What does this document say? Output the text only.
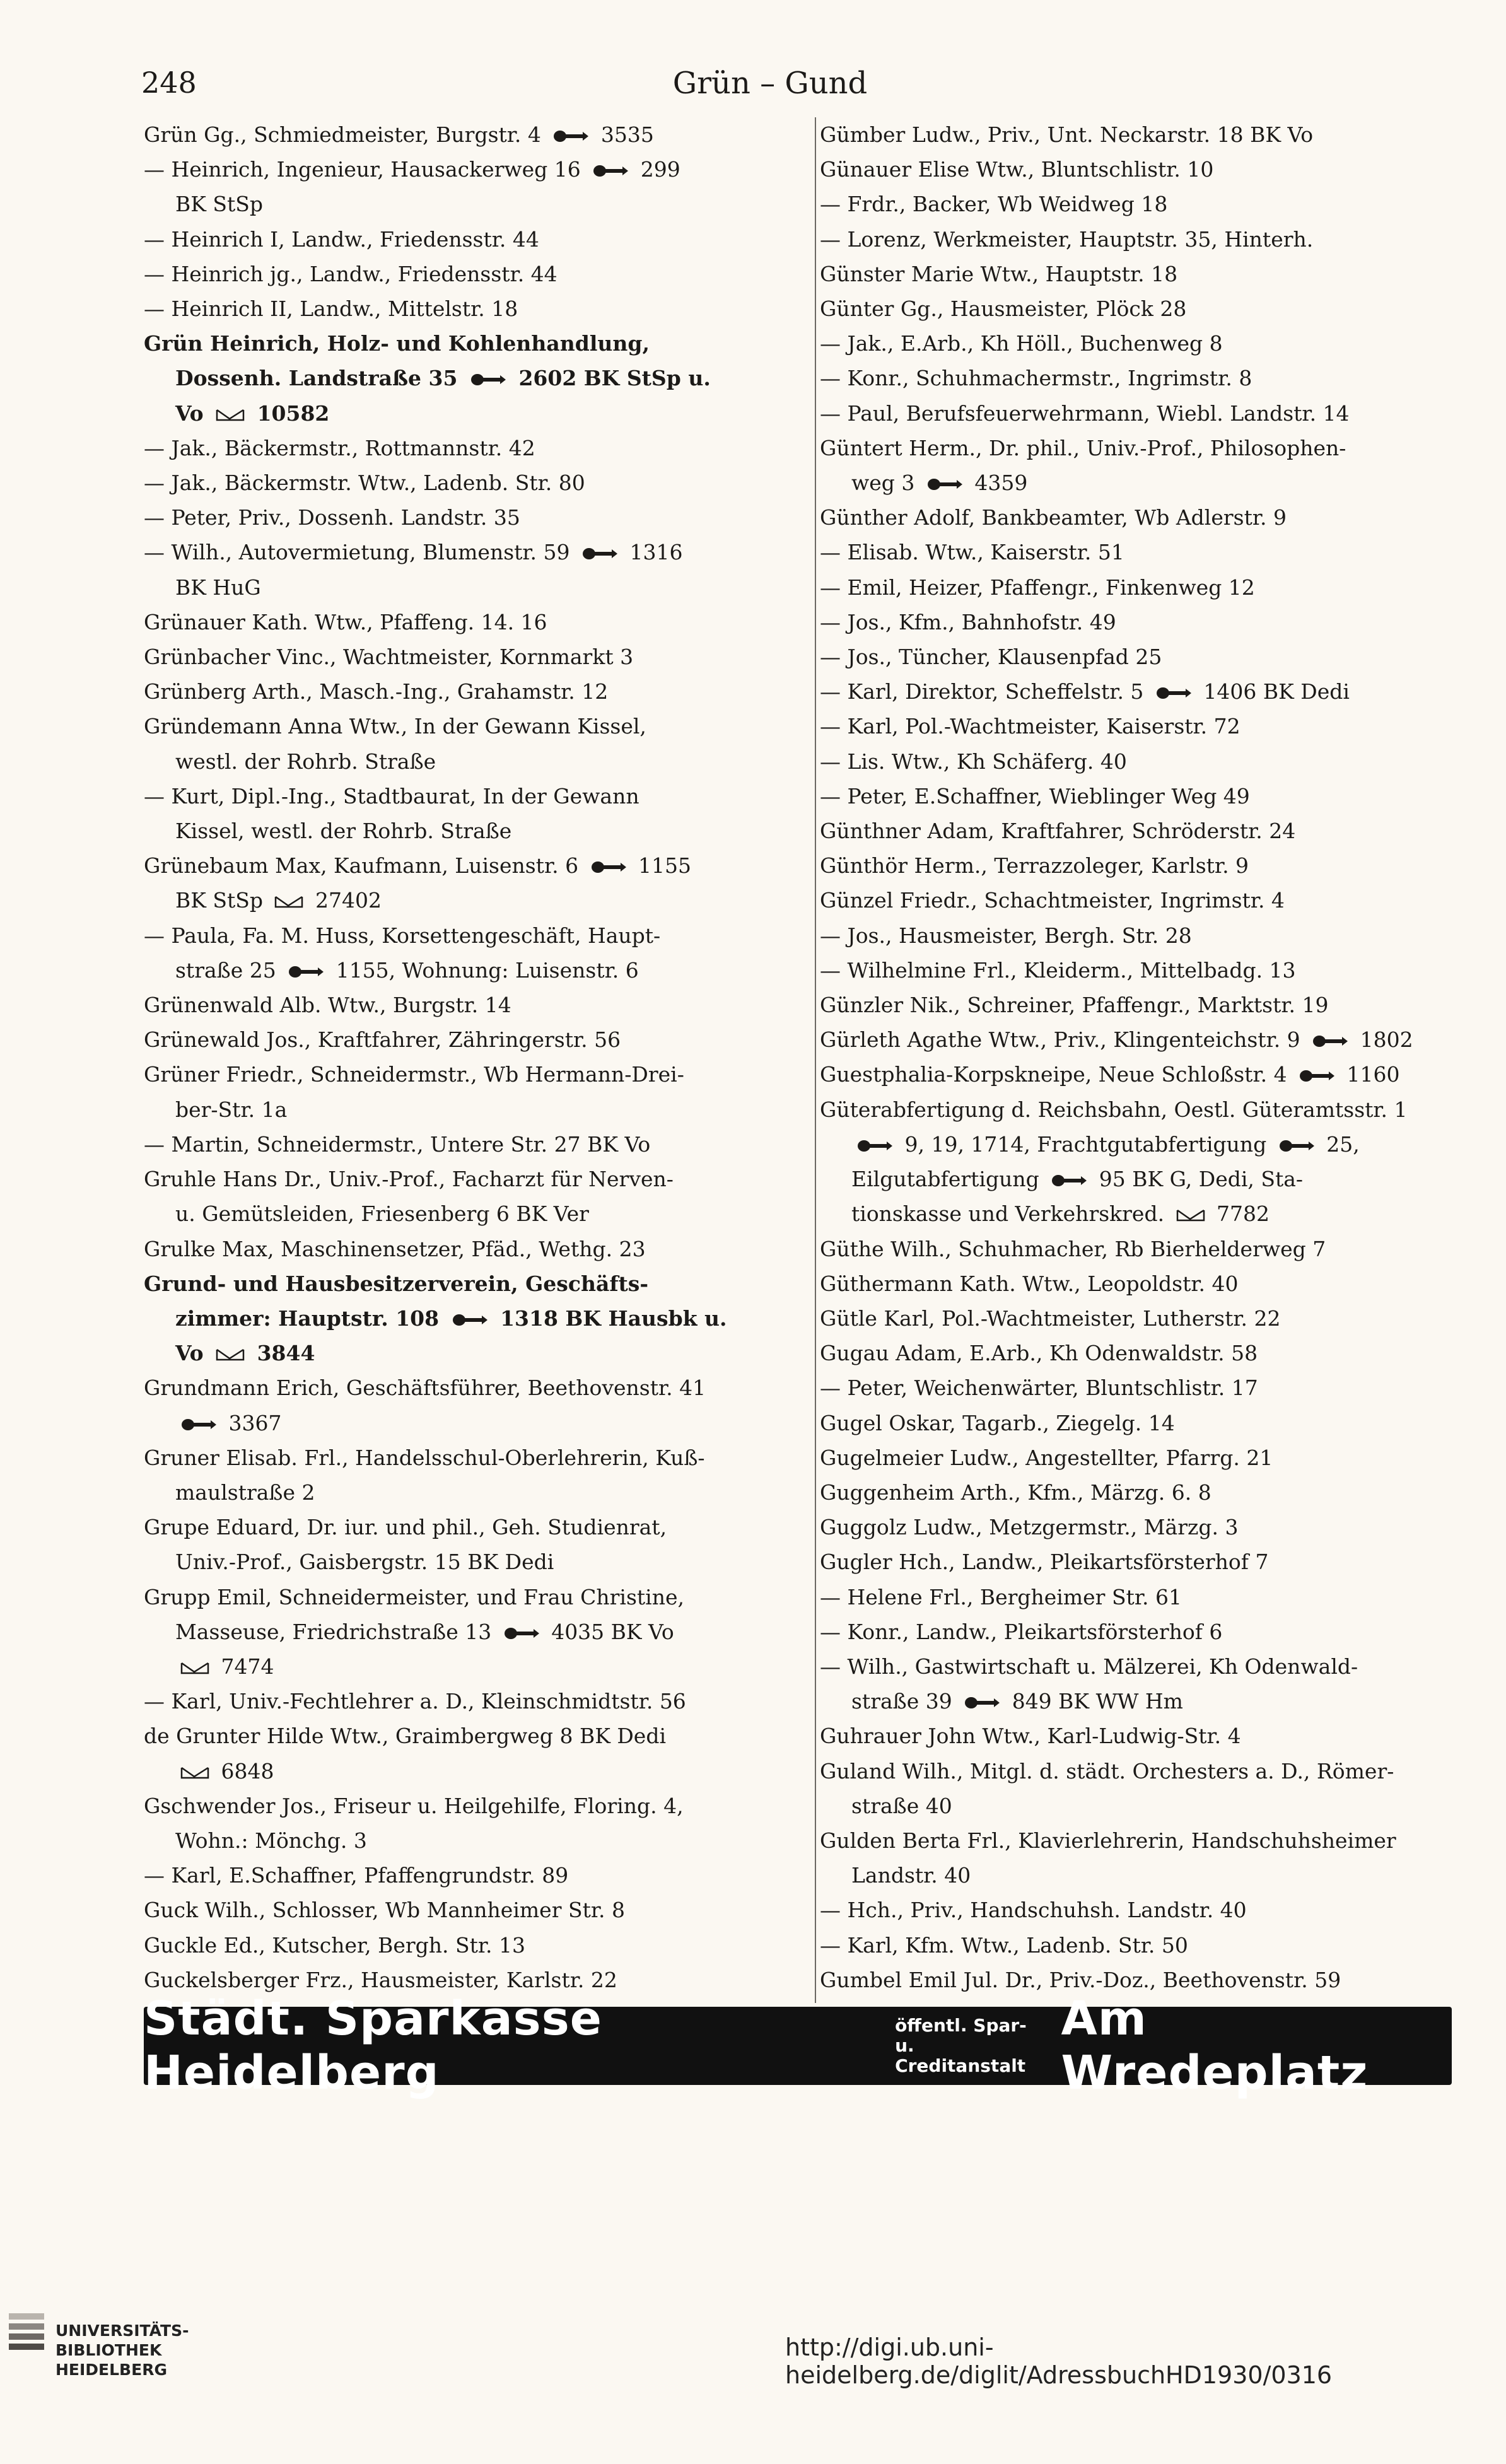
248	Grün – Gund
Grün Gg., Schmiedmeister, Burgstr. 4  3535
— Heinrich, Ingenieur, Hausackerweg 16  299
BK StSp
— Heinrich I, Landw., Friedensstr. 44
— Heinrich jg., Landw., Friedensstr. 44
— Heinrich II, Landw., Mittelstr. 18
Grün Heinrich, Holz- und Kohlenhandlung,
Dossenh. Landstraße 35  2602 BK StSp u.
Vo  10582
— Jak., Bäckermstr., Rottmannstr. 42
— Jak., Bäckermstr. Wtw., Ladenb. Str. 80
— Peter, Priv., Dossenh. Landstr. 35
— Wilh., Autovermietung, Blumenstr. 59  1316
BK HuG
Grünauer Kath. Wtw., Pfaffeng. 14. 16
Grünbacher Vinc., Wachtmeister, Kornmarkt 3
Grünberg Arth., Masch.-Ing., Grahamstr. 12
Gründemann Anna Wtw., In der Gewann Kissel,
westl. der Rohrb. Straße
— Kurt, Dipl.-Ing., Stadtbaurat, In der Gewann
Kissel, westl. der Rohrb. Straße
Grünebaum Max, Kaufmann, Luisenstr. 6  1155
BK StSp  27402
— Paula, Fa. M. Huss, Korsettengeschäft, Haupt-
straße 25  1155, Wohnung: Luisenstr. 6
Grünenwald Alb. Wtw., Burgstr. 14
Grünewald Jos., Kraftfahrer, Zähringerstr. 56
Grüner Friedr., Schneidermstr., Wb Hermann-Drei-
ber-Str. 1a
— Martin, Schneidermstr., Untere Str. 27 BK Vo
Gruhle Hans Dr., Univ.-Prof., Facharzt für Nerven-
u. Gemütsleiden, Friesenberg 6 BK Ver
Grulke Max, Maschinensetzer, Pfäd., Wethg. 23
Grund- und Hausbesitzerverein, Geschäfts-
zimmer: Hauptstr. 108  1318 BK Hausbk u.
Vo  3844
Grundmann Erich, Geschäftsführer, Beethovenstr. 41
3367
Gruner Elisab. Frl., Handelsschul-Oberlehrerin, Kuß-
maulstraße 2
Grupe Eduard, Dr. iur. und phil., Geh. Studienrat,
Univ.-Prof., Gaisbergstr. 15 BK Dedi
Grupp Emil, Schneidermeister, und Frau Christine,
Masseuse, Friedrichstraße 13  4035 BK Vo
7474
— Karl, Univ.-Fechtlehrer a. D., Kleinschmidtstr. 56
de Grunter Hilde Wtw., Graimbergweg 8 BK Dedi
6848
Gschwender Jos., Friseur u. Heilgehilfe, Floring. 4,
Wohn.: Mönchg. 3
— Karl, E.Schaffner, Pfaffengrundstr. 89
Guck Wilh., Schlosser, Wb Mannheimer Str. 8
Guckle Ed., Kutscher, Bergh. Str. 13
Guckelsberger Frz., Hausmeister, Karlstr. 22
Gümber Ludw., Priv., Unt. Neckarstr. 18 BK Vo
Günauer Elise Wtw., Bluntschlistr. 10
— Frdr., Backer, Wb Weidweg 18
— Lorenz, Werkmeister, Hauptstr. 35, Hinterh.
Günster Marie Wtw., Hauptstr. 18
Günter Gg., Hausmeister, Plöck 28
— Jak., E.Arb., Kh Höll., Buchenweg 8
— Konr., Schuhmachermstr., Ingrimstr. 8
— Paul, Berufsfeuerwehrmann, Wiebl. Landstr. 14
Güntert Herm., Dr. phil., Univ.-Prof., Philosophen-
weg 3  4359
Günther Adolf, Bankbeamter, Wb Adlerstr. 9
— Elisab. Wtw., Kaiserstr. 51
— Emil, Heizer, Pfaffengr., Finkenweg 12
— Jos., Kfm., Bahnhofstr. 49
— Jos., Tüncher, Klausenpfad 25
— Karl, Direktor, Scheffelstr. 5  1406 BK Dedi
— Karl, Pol.-Wachtmeister, Kaiserstr. 72
— Lis. Wtw., Kh Schäferg. 40
— Peter, E.Schaffner, Wieblinger Weg 49
Günthner Adam, Kraftfahrer, Schröderstr. 24
Günthör Herm., Terrazzoleger, Karlstr. 9
Günzel Friedr., Schachtmeister, Ingrimstr. 4
— Jos., Hausmeister, Bergh. Str. 28
— Wilhelmine Frl., Kleiderm., Mittelbadg. 13
Günzler Nik., Schreiner, Pfaffengr., Marktstr. 19
Gürleth Agathe Wtw., Priv., Klingenteichstr. 9  1802
Guestphalia-Korpskneipe, Neue Schloßstr. 4  1160
Güterabfertigung d. Reichsbahn, Oestl. Güteramtsstr. 1
9, 19, 1714, Frachtgutabfertigung  25,
Eilgutabfertigung  95 BK G, Dedi, Sta-
tionskasse und Verkehrskred.  7782
Güthe Wilh., Schuhmacher, Rb Bierhelderweg 7
Güthermann Kath. Wtw., Leopoldstr. 40
Gütle Karl, Pol.-Wachtmeister, Lutherstr. 22
Gugau Adam, E.Arb., Kh Odenwaldstr. 58
— Peter, Weichenwärter, Bluntschlistr. 17
Gugel Oskar, Tagarb., Ziegelg. 14
Gugelmeier Ludw., Angestellter, Pfarrg. 21
Guggenheim Arth., Kfm., Märzg. 6. 8
Guggolz Ludw., Metzgermstr., Märzg. 3
Gugler Hch., Landw., Pleikartsförsterhof 7
— Helene Frl., Bergheimer Str. 61
— Konr., Landw., Pleikartsförsterhof 6
— Wilh., Gastwirtschaft u. Mälzerei, Kh Odenwald-
straße 39  849 BK WW Hm
Guhrauer John Wtw., Karl-Ludwig-Str. 4
Guland Wilh., Mitgl. d. städt. Orchesters a. D., Römer-
straße 40
Gulden Berta Frl., Klavierlehrerin, Handschuhsheimer
Landstr. 40
— Hch., Priv., Handschuhsh. Landstr. 40
— Karl, Kfm. Wtw., Ladenb. Str. 50
Gumbel Emil Jul. Dr., Priv.-Doz., Beethovenstr. 59
Städt. Sparkasse Heidelberg
öffentl. Spar- u.
Creditanstalt
Am Wredeplatz
UNIVERSITÄTS-
BIBLIOTHEK
HEIDELBERG
http://digi.ub.uni-heidelberg.de/diglit/AdressbuchHD1930/0316
